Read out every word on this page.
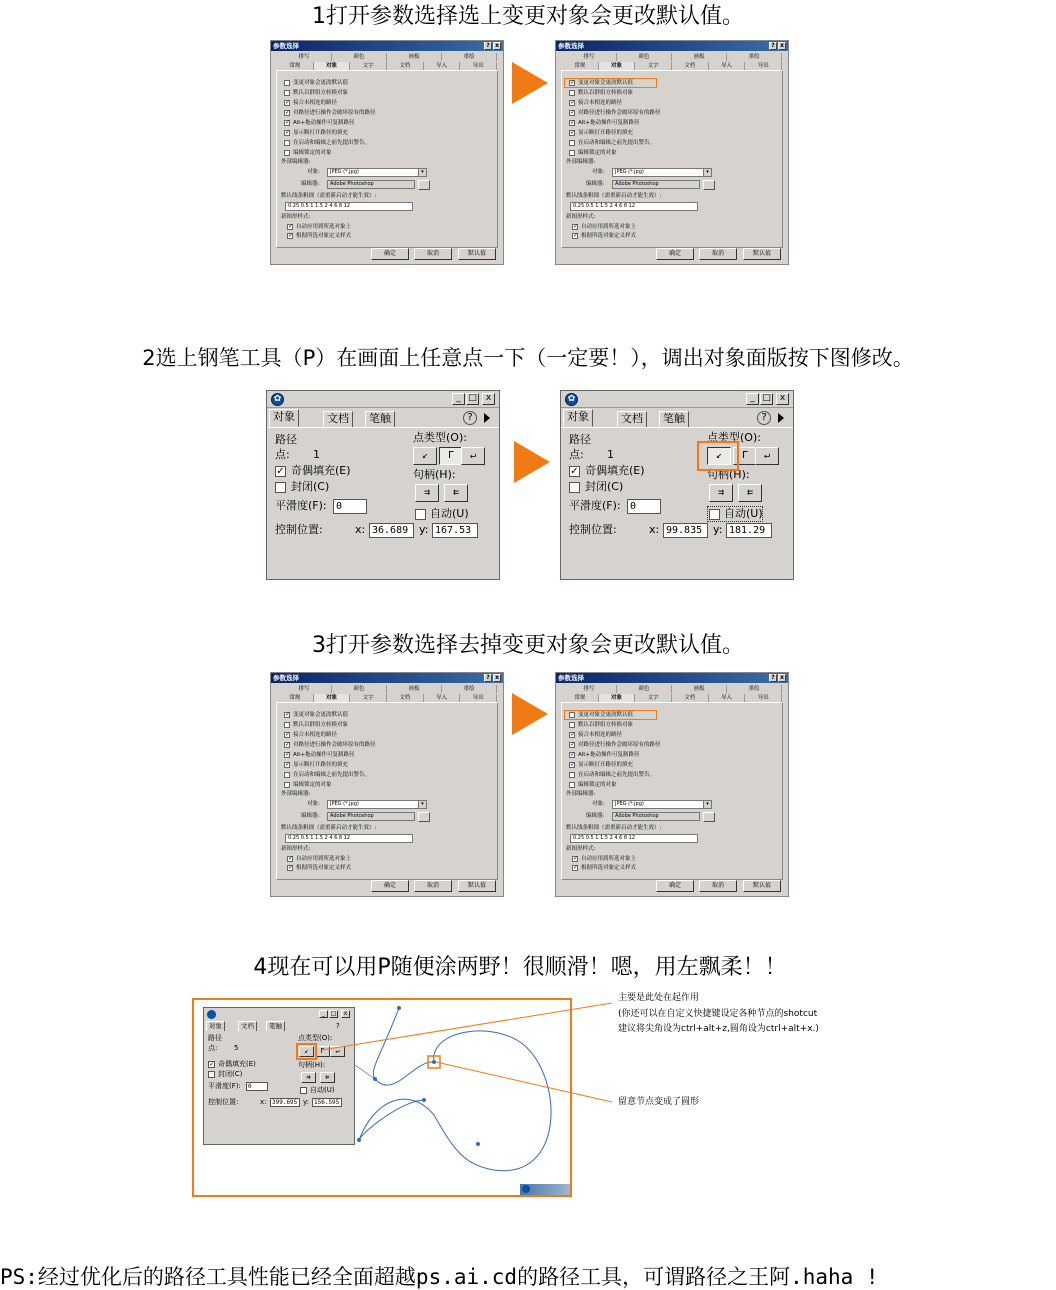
1打开参数选择选上变更对象会更改默认值。
2选上钢笔工具（P）在画面上任意点一下（一定要！），调出对象面版按下图修改。
3打开参数选择去掉变更对象会更改默认值。
4现在可以用P随便涂两野！很顺滑！嗯，用左飘柔！！
参数选择	? x
排写	颜色	画板	重绘
常规	对象	文字	文档	导入	导出
变更对象会更改默认值
默认以群组方转换对象
✓ 接合未相连的路径
✓ 对路径进行操作会破坏原有的路径
✓ Alt+拖动操作可复制路径
✓ 显示断打开路径的填充
在启动和编辑之前先提出警告。
编辑锁定的对象
外部编辑器:
对象:	JPEG (*.jpg)	▾
编辑器:	Adobe Photoshop
默认线条粗细（需重新启动才能生效）:
0.25 0.5 1 1.5 2 4 6 8 12
新图形样式:
✓ 自动应用到所选对象上
✓ 根据所选对象定义样式
确定	取消	默认值
参数选择	? x
排写	颜色	画板	重绘
常规	对象	文字	文档	导入	导出
✓ 变更对象会更改默认值
默认以群组方转换对象
✓ 接合未相连的路径
✓ 对路径进行操作会破坏原有的路径
✓ Alt+拖动操作可复制路径
✓ 显示断打开路径的填充
在启动和编辑之前先提出警告。
编辑锁定的对象
外部编辑器:
对象:	JPEG (*.jpg)	▾
编辑器:	Adobe Photoshop
默认线条粗细（需重新启动才能生效）:
0.25 0.5 1 1.5 2 4 6 8 12
新图形样式:
✓ 自动应用到所选对象上
✓ 根据所选对象定义样式
确定	取消	默认值
✿	_ □	x
对象	文档	笔触	?
路径
点: 1
点类型(O):
↙	Γ	↵
✓ 奇偶填充(E)
封闭(C)
句柄(H):
⇉	⇇
平滑度(F): 0
自动(U)
控制位置:	x: 36.689 y: 167.53
✿	_ □	x
对象	文档	笔触	?
路径
点: 1
点类型(O):
↙	Γ	↵
✓ 奇偶填充(E)
封闭(C)
句柄(H):
⇉	⇇
平滑度(F): 0
自动(U)
控制位置:	x: 99.835 y: 181.29
参数选择	? x
排写	颜色	画板	重绘
常规	对象	文字	文档	导入	导出
✓ 变更对象会更改默认值
默认以群组方转换对象
✓ 接合未相连的路径
✓ 对路径进行操作会破坏原有的路径
✓ Alt+拖动操作可复制路径
✓ 显示断打开路径的填充
在启动和编辑之前先提出警告。
编辑锁定的对象
外部编辑器:
对象:	JPEG (*.jpg)	▾
编辑器:	Adobe Photoshop
默认线条粗细（需重新启动才能生效）:
0.25 0.5 1 1.5 2 4 6 8 12
新图形样式:
✓ 自动应用到所选对象上
✓ 根据所选对象定义样式
确定	取消	默认值
参数选择	? x
排写	颜色	画板	重绘
常规	对象	文字	文档	导入	导出
变更对象会更改默认值
默认以群组方转换对象
✓ 接合未相连的路径
✓ 对路径进行操作会破坏原有的路径
✓ Alt+拖动操作可复制路径
✓ 显示断打开路径的填充
在启动和编辑之前先提出警告。
编辑锁定的对象
外部编辑器:
对象:	JPEG (*.jpg)	▾
编辑器:	Adobe Photoshop
默认线条粗细（需重新启动才能生效）:
0.25 0.5 1 1.5 2 4 6 8 12
新图形样式:
✓ 自动应用到所选对象上
✓ 根据所选对象定义样式
确定	取消	默认值
_ □	x
对象	文档	笔触	?
路径
点: 5
点类型(O):
↙	Γ	↵
✓ 奇偶填充(E)
封闭(C)
句柄(H):
⇉	⇇
平滑度(F):	0	自动(U)
控制位置:	x: 399.695 y: 156.595
主要是此处在起作用
(你还可以在自定义快捷键设定各种节点的shotcut
建议将尖角设为ctrl+alt+z,圆角设为ctrl+alt+x.)
留意节点变成了圆形
PS:经过优化后的路径工具性能已经全面超越ps.ai.cd的路径工具，可谓路径之王阿.haha !
